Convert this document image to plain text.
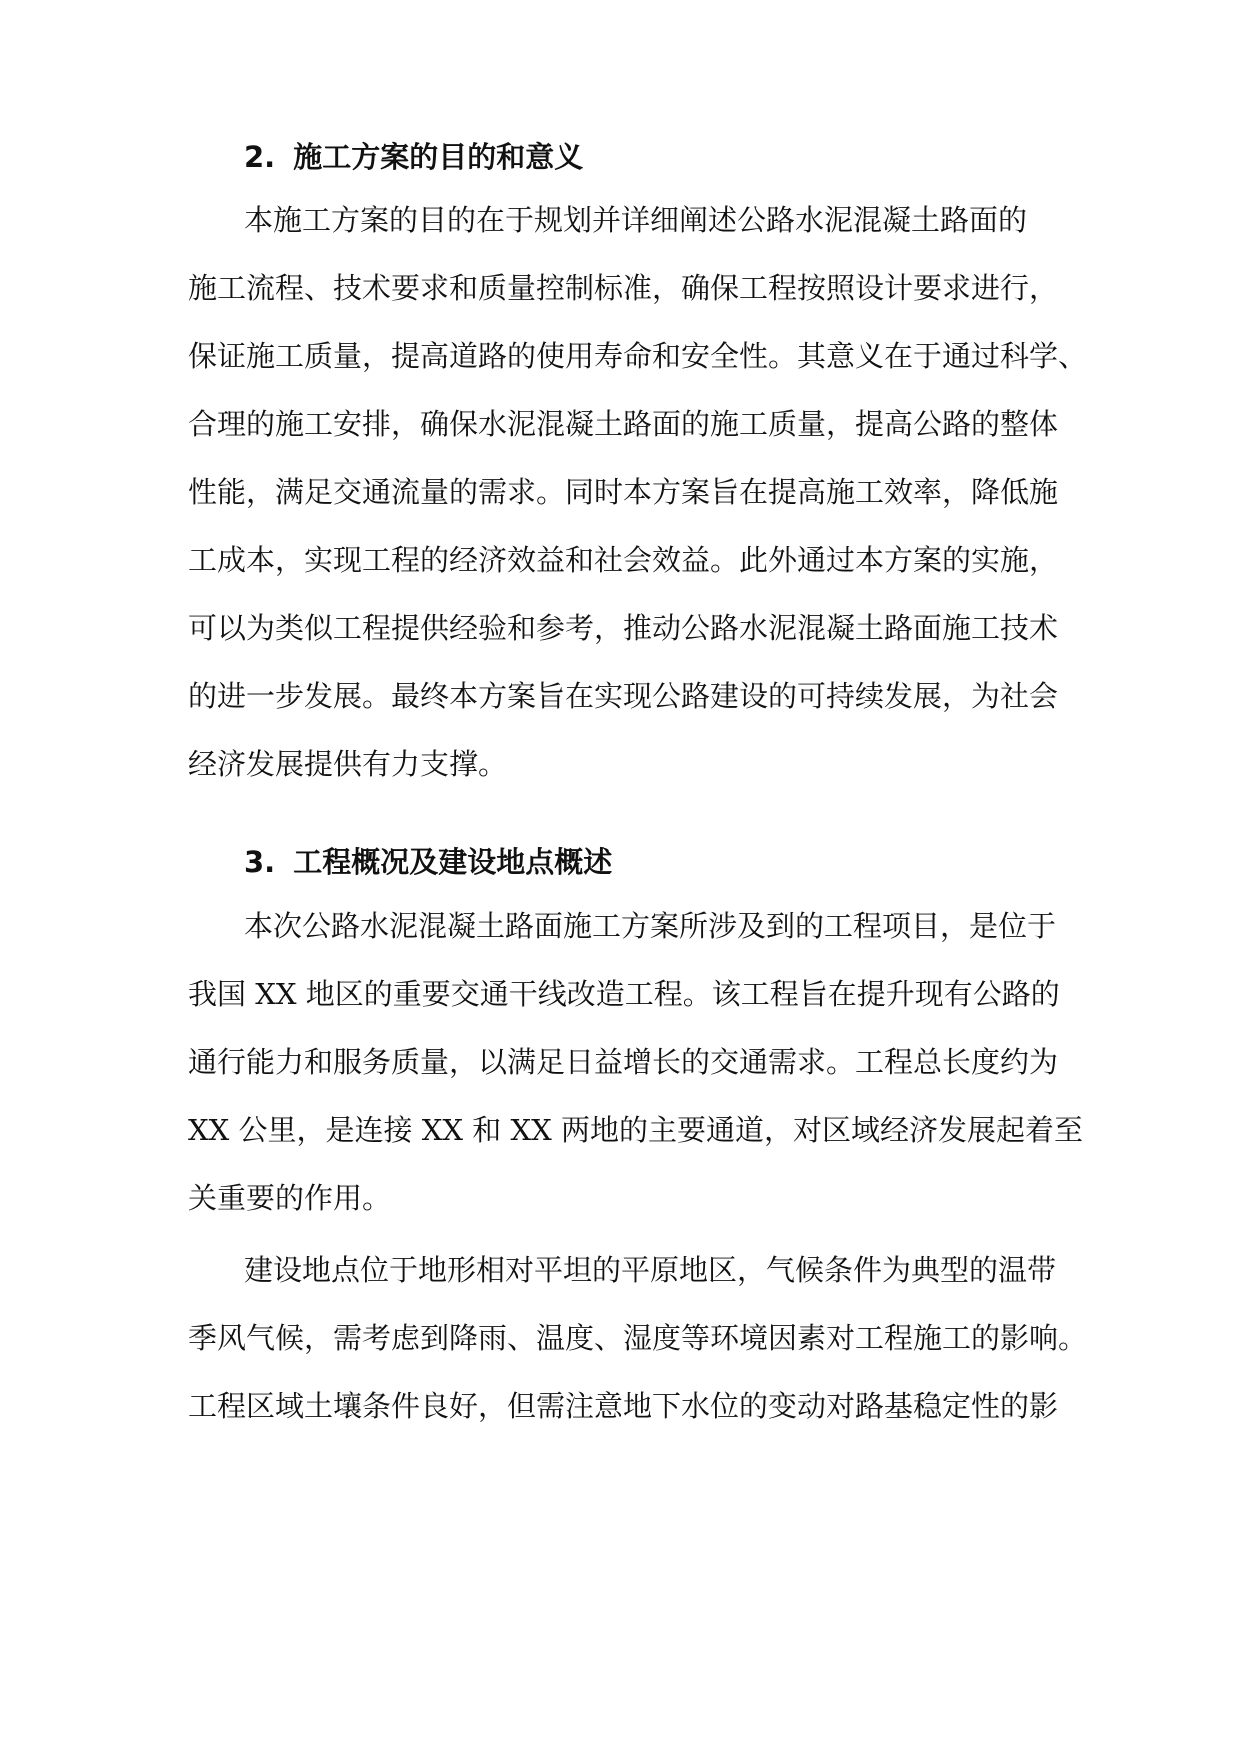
2. 施工方案的目的和意义
本施工方案的目的在于规划并详细阐述公路水泥混凝土路面的
施工流程、技术要求和质量控制标准，确保工程按照设计要求进行，
保证施工质量，提高道路的使用寿命和安全性。其意义在于通过科学、
合理的施工安排，确保水泥混凝土路面的施工质量，提高公路的整体
性能，满足交通流量的需求。同时本方案旨在提高施工效率，降低施
工成本，实现工程的经济效益和社会效益。此外通过本方案的实施，
可以为类似工程提供经验和参考，推动公路水泥混凝土路面施工技术
的进一步发展。最终本方案旨在实现公路建设的可持续发展，为社会
经济发展提供有力支撑。
3. 工程概况及建设地点概述
本次公路水泥混凝土路面施工方案所涉及到的工程项目，是位于
我国 XX 地区的重要交通干线改造工程。该工程旨在提升现有公路的
通行能力和服务质量，以满足日益增长的交通需求。工程总长度约为
XX 公里，是连接 XX 和 XX 两地的主要通道，对区域经济发展起着至
关重要的作用。
建设地点位于地形相对平坦的平原地区，气候条件为典型的温带
季风气候，需考虑到降雨、温度、湿度等环境因素对工程施工的影响。
工程区域土壤条件良好，但需注意地下水位的变动对路基稳定性的影
